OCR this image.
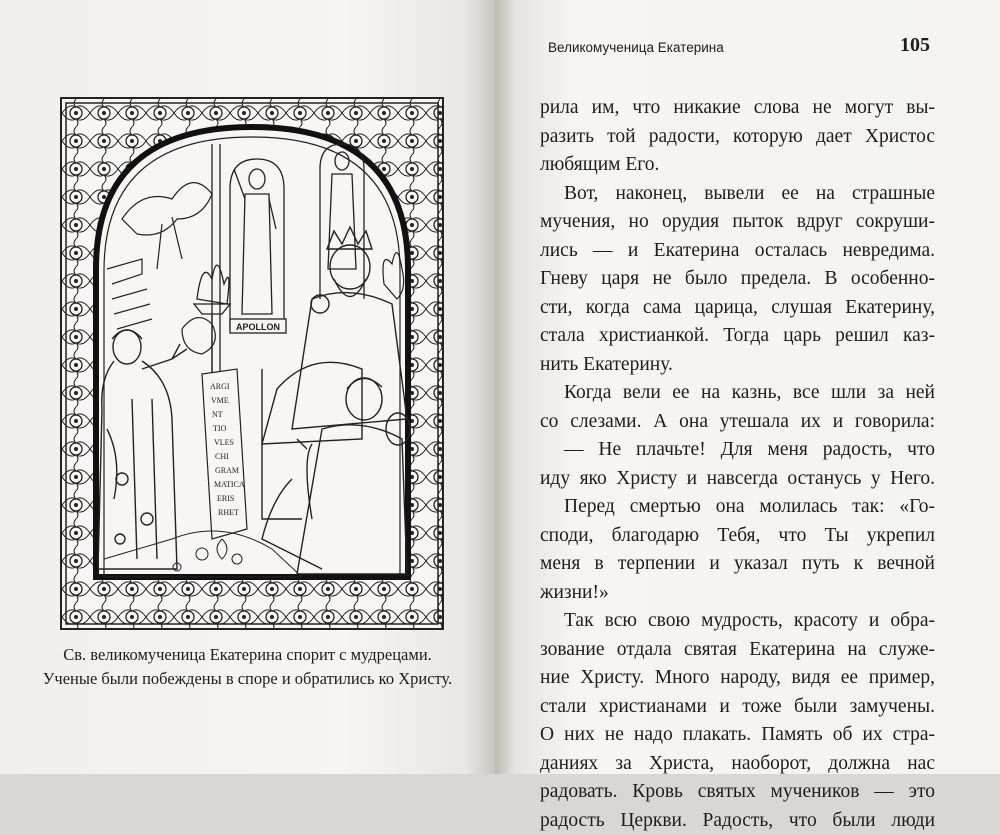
APOLLON
ARGI
VME
NT
TIO
VLES
CHI
GRAM
MATICA
ERIS
RHET
Св. великомученица Екатерина спорит с мудрецами.
Ученые были побеждены в споре и обратились ко Христу.
Великомученица Екатерина	105
рила им, что никакие слова не могут вы-
разить той радости, которую дает Христос
любящим Его.
Вот, наконец, вывели ее на страшные
мучения, но орудия пыток вдруг сокруши-
лись — и Екатерина осталась невредима.
Гневу царя не было предела. В особенно-
сти, когда сама царица, слушая Екатерину,
стала христианкой. Тогда царь решил каз-
нить Екатерину.
Когда вели ее на казнь, все шли за ней
со слезами. А она утешала их и говорила:
— Не плачьте! Для меня радость, что
иду яко Христу и навсегда останусь у Него.
Перед смертью она молилась так: «Го-
споди, благодарю Тебя, что Ты укрепил
меня в терпении и указал путь к вечной
жизни!»
Так всю свою мудрость, красоту и обра-
зование отдала святая Екатерина на служе-
ние Христу. Много народу, видя ее пример,
стали христианами и тоже были замучены.
О них не надо плакать. Память об их стра-
даниях за Христа, наоборот, должна нас
радовать. Кровь святых мучеников — это
радость Церкви. Радость, что были люди
